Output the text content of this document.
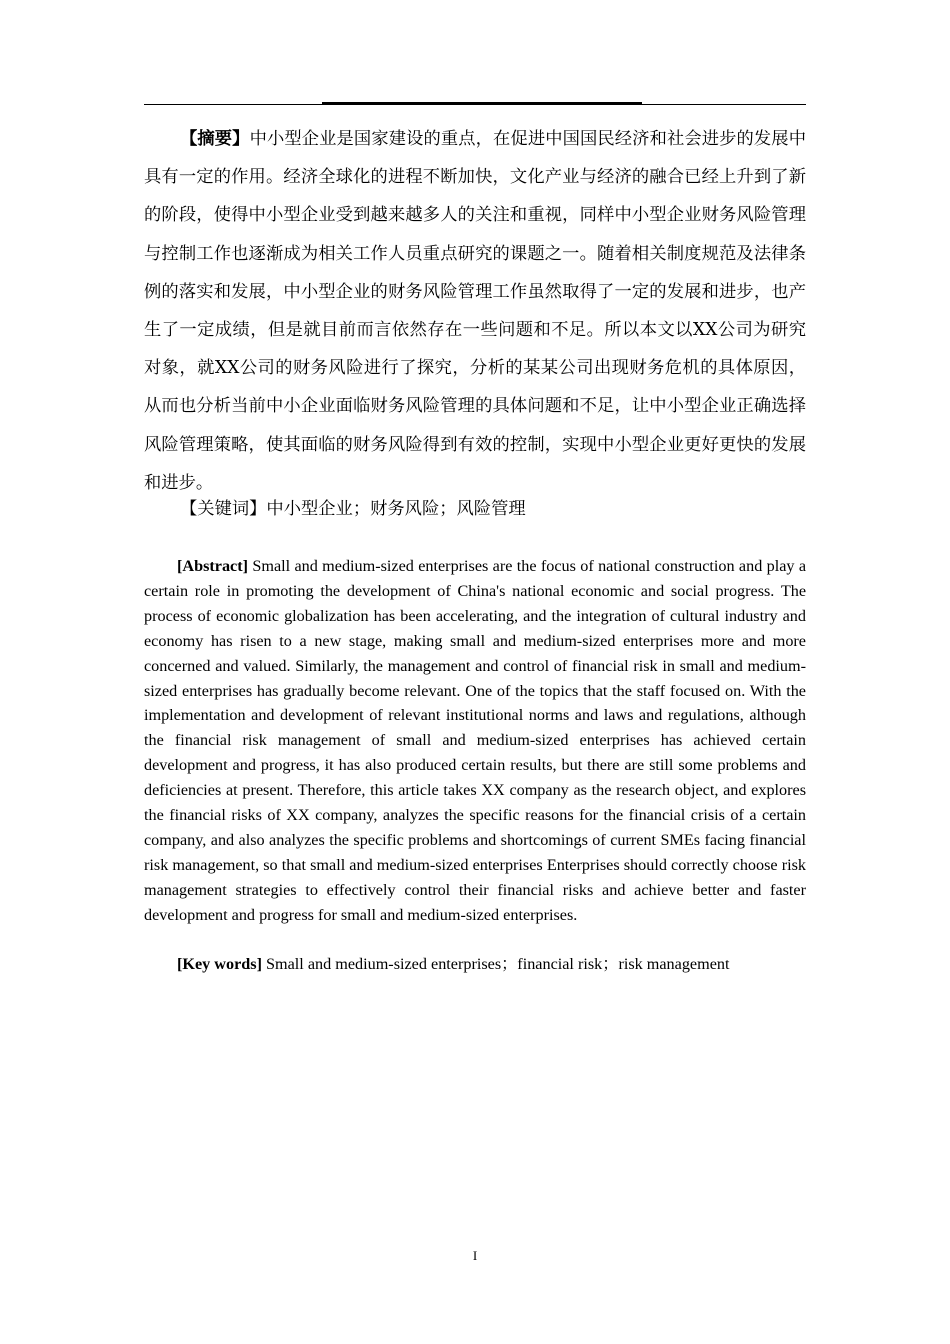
【摘要】中小型企业是国家建设的重点，在促进中国国民经济和社会进步的发展中具有一定的作用。经济全球化的进程不断加快，文化产业与经济的融合已经上升到了新的阶段，使得中小型企业受到越来越多人的关注和重视，同样中小型企业财务风险管理与控制工作也逐渐成为相关工作人员重点研究的课题之一。随着相关制度规范及法律条例的落实和发展，中小型企业的财务风险管理工作虽然取得了一定的发展和进步，也产生了一定成绩，但是就目前而言依然存在一些问题和不足。所以本文以XX公司为研究对象，就XX公司的财务风险进行了探究，分析的某某公司出现财务危机的具体原因，从而也分析当前中小企业面临财务风险管理的具体问题和不足，让中小型企业正确选择风险管理策略，使其面临的财务风险得到有效的控制，实现中小型企业更好更快的发展和进步。

【关键词】中小型企业；财务风险；风险管理

[Abstract] Small and medium-sized enterprises are the focus of national construction and play a certain role in promoting the development of China's national economic and social progress. The process of economic globalization has been accelerating, and the integration of cultural industry and economy has risen to a new stage, making small and medium-sized enterprises more and more concerned and valued. Similarly, the management and control of financial risk in small and medium-sized enterprises has gradually become relevant. One of the topics that the staff focused on. With the implementation and development of relevant institutional norms and laws and regulations, although the financial risk management of small and medium-sized enterprises has achieved certain development and progress, it has also produced certain results, but there are still some problems and deficiencies at present. Therefore, this article takes XX company as the research object, and explores the financial risks of XX company, analyzes the specific reasons for the financial crisis of a certain company, and also analyzes the specific problems and shortcomings of current SMEs facing financial risk management, so that small and medium-sized enterprises Enterprises should correctly choose risk management strategies to effectively control their financial risks and achieve better and faster development and progress for small and medium-sized enterprises.

[Key words] Small and medium-sized enterprises；financial risk；risk management

I
